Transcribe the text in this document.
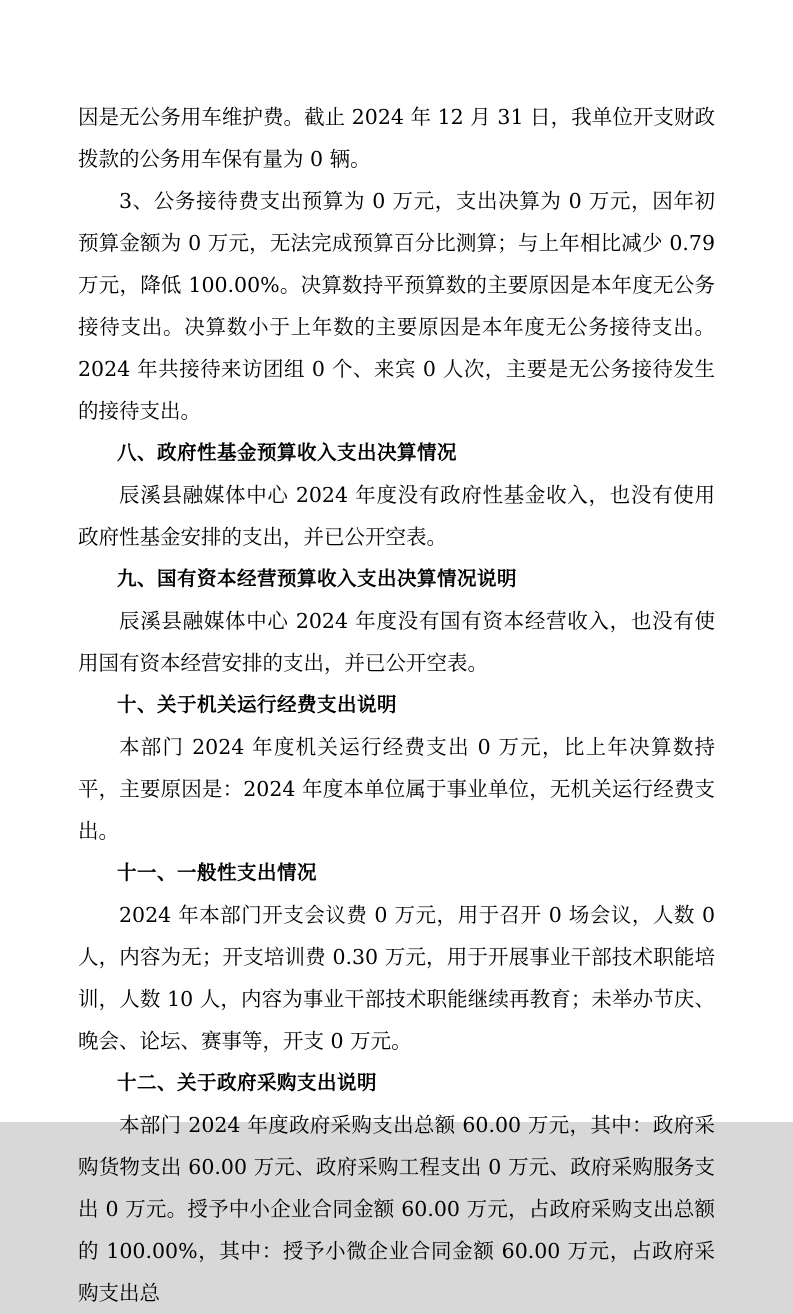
因是无公务用车维护费。截止 2024 年 12 月 31 日，我单位开支财政拨款的公务用车保有量为 0 辆。

3、公务接待费支出预算为 0 万元，支出决算为 0 万元，因年初预算金额为 0 万元，无法完成预算百分比测算；与上年相比减少 0.79 万元，降低 100.00%。决算数持平预算数的主要原因是本年度无公务接待支出。决算数小于上年数的主要原因是本年度无公务接待支出。2024 年共接待来访团组 0 个、来宾 0 人次，主要是无公务接待发生的接待支出。

八、政府性基金预算收入支出决算情况

辰溪县融媒体中心 2024 年度没有政府性基金收入，也没有使用政府性基金安排的支出，并已公开空表。

九、国有资本经营预算收入支出决算情况说明

辰溪县融媒体中心 2024 年度没有国有资本经营收入，也没有使用国有资本经营安排的支出，并已公开空表。

十、关于机关运行经费支出说明

本部门 2024 年度机关运行经费支出 0 万元，比上年决算数持平，主要原因是：2024 年度本单位属于事业单位，无机关运行经费支出。

十一、一般性支出情况

2024 年本部门开支会议费 0 万元，用于召开 0 场会议，人数 0 人，内容为无；开支培训费 0.30 万元，用于开展事业干部技术职能培训，人数 10 人，内容为事业干部技术职能继续再教育；未举办节庆、晚会、论坛、赛事等，开支 0 万元。

十二、关于政府采购支出说明

本部门 2024 年度政府采购支出总额 60.00 万元，其中：政府采购货物支出 60.00 万元、政府采购工程支出 0 万元、政府采购服务支出 0 万元。授予中小企业合同金额 60.00 万元，占政府采购支出总额的 100.00%，其中：授予小微企业合同金额 60.00 万元，占政府采购支出总
